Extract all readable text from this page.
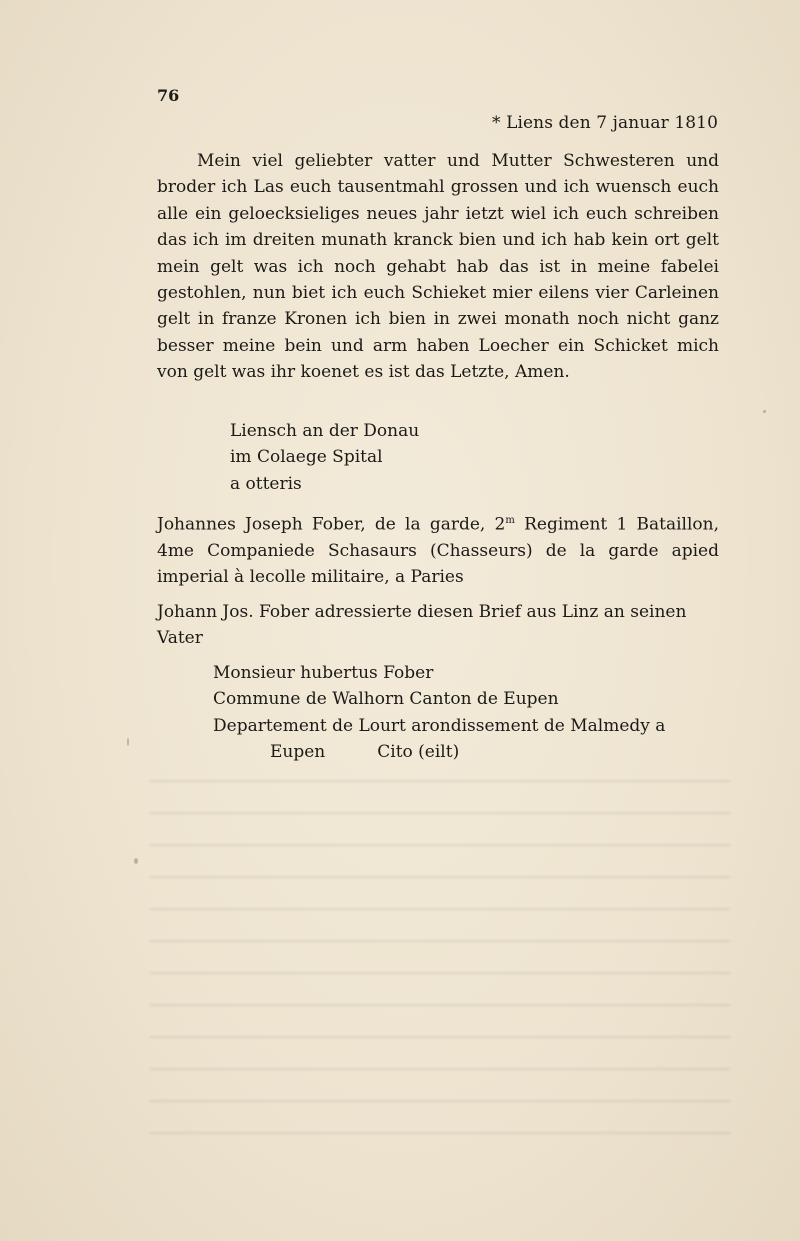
76
* Liens den 7 januar 1810

Mein viel geliebter vatter und Mutter Schwesteren und broder ich Las euch tausentmahl grossen und ich wuensch euch alle ein geloecksieliges neues jahr ietzt wiel ich euch schreiben das ich im dreiten munath kranck bien und ich hab kein ort gelt mein gelt was ich noch gehabt hab das ist in meine fabelei gestohlen, nun biet ich euch Schieket mier eilens vier Carleinen gelt in franze Kronen ich bien in zwei monath noch nicht ganz besser meine bein und arm haben Loecher ein Schicket mich von gelt was ihr koenet es ist das Letzte, Amen.

Liensch an der Donau
im Colaege Spital
a otteris

Johannes Joseph Fober, de la garde, 2$^m$ Regiment 1 Bataillon, 4me Companiede Schasaurs (Chasseurs) de la garde apied imperial à lecolle militaire, a Paries

Johann Jos. Fober adressierte diesen Brief aus Linz an seinen Vater
Monsieur hubertus Fober
Commune de Walhorn Canton de Eupen
Departement de Lourt arondissement de Malmedy a
Eupen	Cito (eilt)
